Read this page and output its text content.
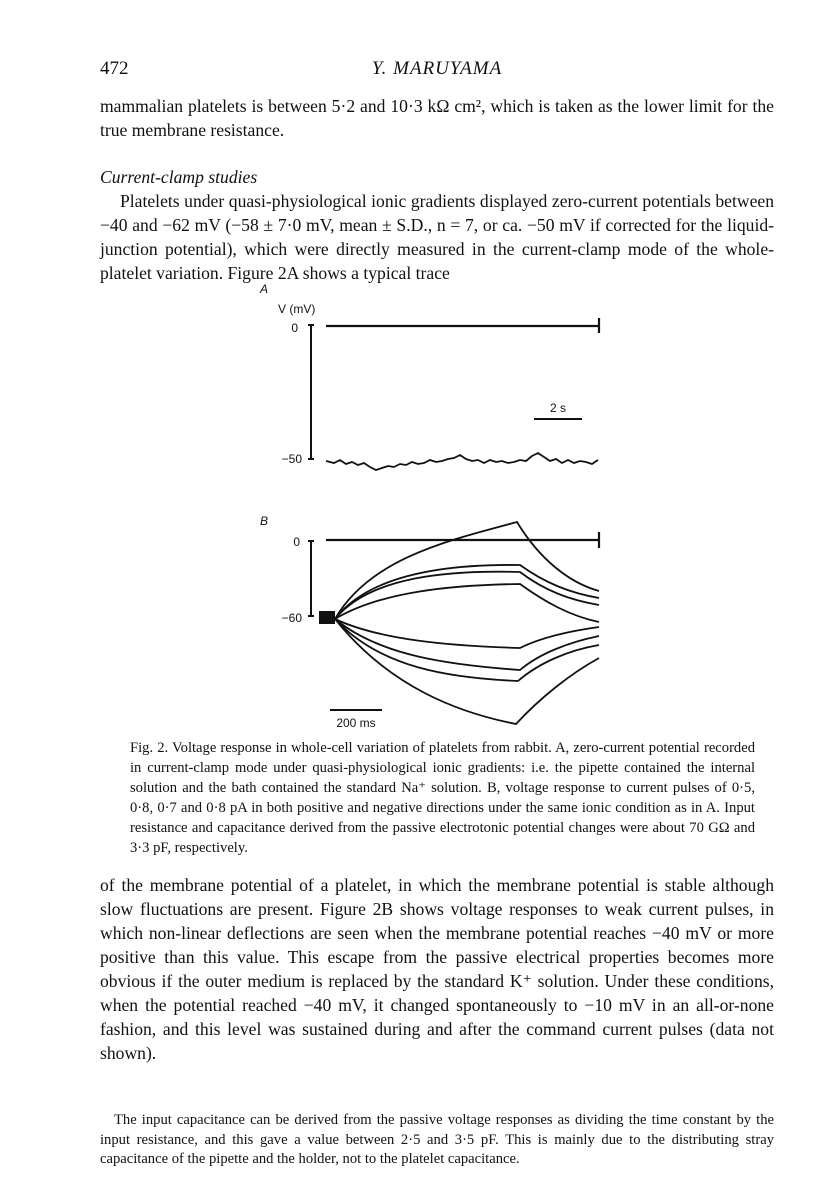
472	Y. MARUYAMA

mammalian platelets is between 5·2 and 10·3 kΩ cm², which is taken as the lower limit for the true membrane resistance.

Current-clamp studies

Platelets under quasi-physiological ionic gradients displayed zero-current potentials between −40 and −62 mV (−58 ± 7·0 mV, mean ± S.D., n = 7, or ca. −50 mV if corrected for the liquid-junction potential), which were directly measured in the current-clamp mode of the whole-platelet variation. Figure 2A shows a typical trace

A
V (mV)
0
−50
2 s
B
0
−60
200 ms

Fig. 2. Voltage response in whole-cell variation of platelets from rabbit. A, zero-current potential recorded in current-clamp mode under quasi-physiological ionic gradients: i.e. the pipette contained the internal solution and the bath contained the standard Na⁺ solution. B, voltage response to current pulses of 0·5, 0·8, 0·7 and 0·8 pA in both positive and negative directions under the same ionic condition as in A. Input resistance and capacitance derived from the passive electrotonic potential changes were about 70 GΩ and 3·3 pF, respectively.

of the membrane potential of a platelet, in which the membrane potential is stable although slow fluctuations are present. Figure 2B shows voltage responses to weak current pulses, in which non-linear deflections are seen when the membrane potential reaches −40 mV or more positive than this value. This escape from the passive electrical properties becomes more obvious if the outer medium is replaced by the standard K⁺ solution. Under these conditions, when the potential reached −40 mV, it changed spontaneously to −10 mV in an all-or-none fashion, and this level was sustained during and after the command current pulses (data not shown).

The input capacitance can be derived from the passive voltage responses as dividing the time constant by the input resistance, and this gave a value between 2·5 and 3·5 pF. This is mainly due to the distributing stray capacitance of the pipette and the holder, not to the platelet capacitance.
